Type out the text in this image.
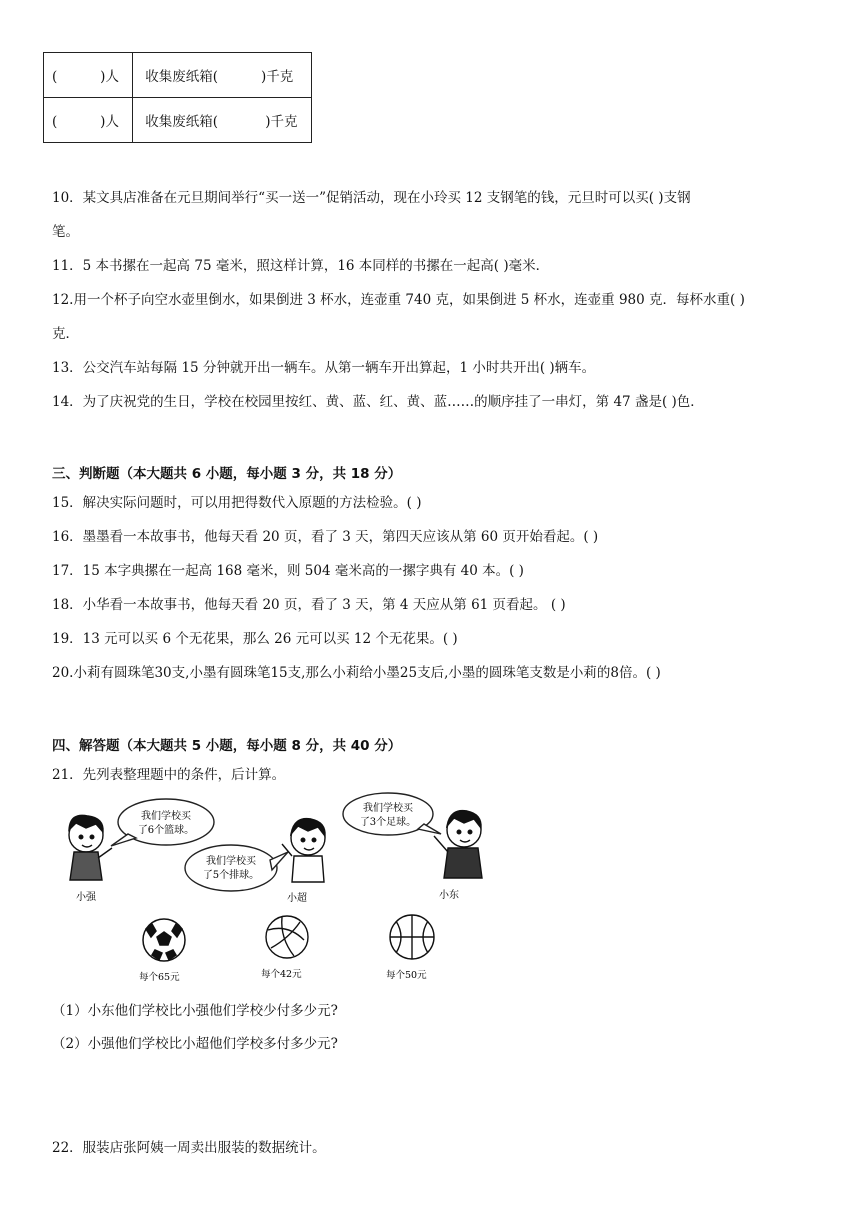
(          )人	收集废纸箱(          )千克
(          )人	收集废纸箱(           )千克
10．某文具店准备在元旦期间举行“买一送一”促销活动，现在小玲买 12 支钢笔的钱，元旦时可以买( )支钢
笔。
11．5 本书摞在一起高 75 毫米，照这样计算，16 本同样的书摞在一起高( )毫米．
12.用一个杯子向空水壶里倒水，如果倒进 3 杯水，连壶重 740 克，如果倒进 5 杯水，连壶重 980 克．每杯水重( )
克．
13．公交汽车站每隔 15 分钟就开出一辆车。从第一辆车开出算起，1 小时共开出( )辆车。
14．为了庆祝党的生日，学校在校园里按红、黄、蓝、红、黄、蓝……的顺序挂了一串灯，第 47 盏是( )色．
三、判断题（本大题共 6 小题，每小题 3 分，共 18 分）
15．解决实际问题时，可以用把得数代入原题的方法检验。( )
16．墨墨看一本故事书，他每天看 20 页，看了 3 天，第四天应该从第 60 页开始看起。( )
17．15 本字典摞在一起高 168 毫米，则 504 毫米高的一摞字典有 40 本。( )
18．小华看一本故事书，他每天看 20 页，看了 3 天，第 4 天应从第 61 页看起。 ( )
19．13 元可以买 6 个无花果，那么 26 元可以买 12 个无花果。( )
20.小莉有圆珠笔30支,小墨有圆珠笔15支,那么小莉给小墨25支后,小墨的圆珠笔支数是小莉的8倍。( )
四、解答题（本大题共 5 小题，每小题 8 分，共 40 分）
21．先列表整理题中的条件，后计算。
我们学校买
了6个篮球。
我们学校买
了5个排球。
我们学校买
了3个足球。
小强	小超	小东
每个65元	每个42元	每个50元
（1）小东他们学校比小强他们学校少付多少元?
（2）小强他们学校比小超他们学校多付多少元?
22．服装店张阿姨一周卖出服装的数据统计。
